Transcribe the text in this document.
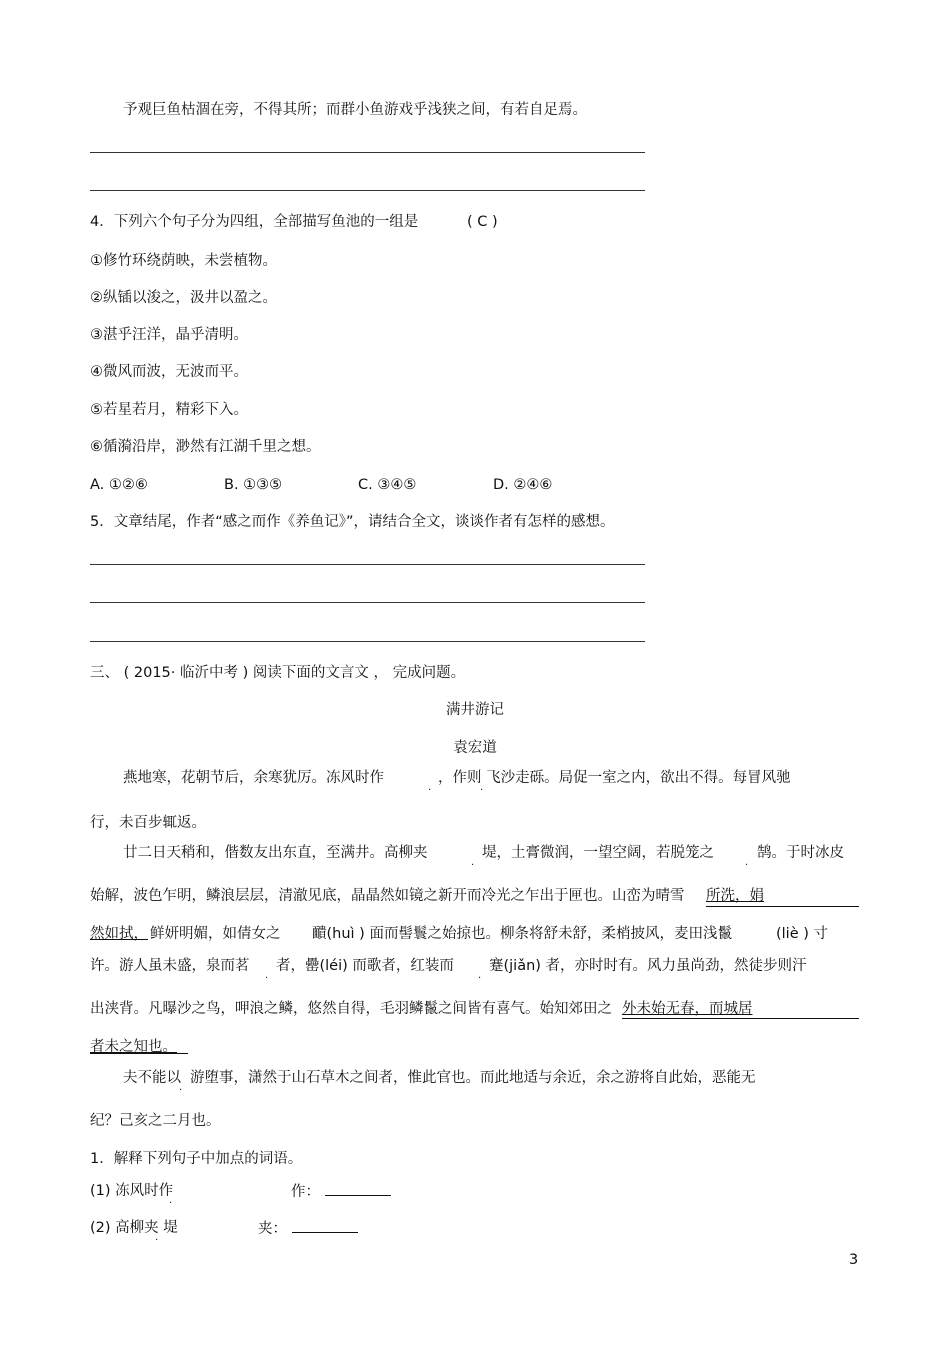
予观巨鱼枯涸在旁，不得其所；而群小鱼游戏乎浅狭之间，有若自足焉。
4．下列六个句子分为四组，全部描写鱼池的一组是	( C )
①修竹环绕荫映，未尝植物。
②纵锸以浚之，汲井以盈之。
③湛乎汪洋，晶乎清明。
④微风而波，无波而平。
⑤若星若月，精彩下入。
⑥循漪沿岸，渺然有江湖千里之想。
A. ①②⑥	B. ①③⑤	C. ③④⑤	D. ②④⑥
5．文章结尾，作者“感之而作《养鱼记》”，请结合全文，谈谈作者有怎样的感想。
三、 ( 2015· 临沂中考 ) 阅读下面的文言文 ， 完成问题。
满井游记
袁宏道
燕地寒，花朝节后，余寒犹厉。冻风时作
·
，作则 飞沙走砾。局促一室之内，欲出不得。每冒风驰
·
行，未百步辄返。
廿二日天稍和，偕数友出东直，至满井。高柳夹
·
堤，土膏微润，一望空阔，若脱笼之
·
鹄。于时冰皮
始解，波色乍明，鳞浪层层，清澈见底，晶晶然如镜之新开而冷光之乍出于匣也。山峦为晴雪 所洗，娟
然如拭， 鲜妍明媚，如倩女之 靧(huì ) 面而髻鬟之始掠也。柳条将舒未舒，柔梢披风，麦田浅鬣	(liè ) 寸
许。游人虽未盛，泉而茗
·
者，罍(léi) 而歌者，红装而
·
蹇(jiǎn) 者，亦时时有。风力虽尚劲，然徒步则汗
出浃背。凡曝沙之鸟，呷浪之鳞，悠然自得，毛羽鳞鬣之间皆有喜气。始知郊田之 外未始无春，而城居
者未之知也。
夫不能以
·
游堕事，潇然于山石草木之间者，惟此官也。而此地适与余近，余之游将自此始，恶能无
纪？己亥之二月也。
1．解释下列句子中加点的词语。
(1) 冻风时作
·
作：
(2) 高柳夹 堤
·
夹：
3
